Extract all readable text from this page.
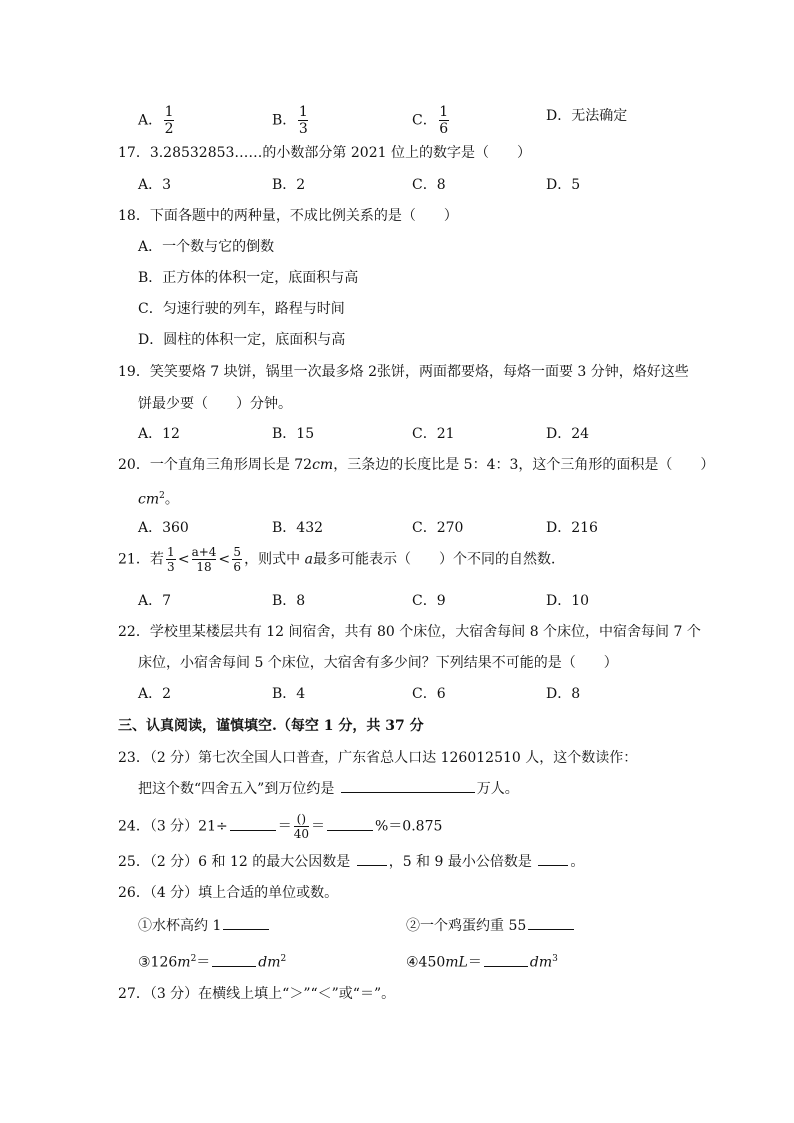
A． $\frac{1}{2}$	B． $\frac{1}{3}$	C． $\frac{1}{6}$	D．无法确定
17．3.28532853……的小数部分第 2021 位上的数字是（　　）
A．3	B．2	C．8	D．5
18．下面各题中的两种量，不成比例关系的是（　　）
A．一个数与它的倒数
B．正方体的体积一定，底面积与高
C．匀速行驶的列车，路程与时间
D．圆柱的体积一定，底面积与高
19．笑笑要烙 7 块饼，锅里一次最多烙 2张饼，两面都要烙，每烙一面要 3 分钟，烙好这些
饼最少要（　　）分钟。
A．12	B．15	C．21	D．24
20．一个直角三角形周长是 72cm，三条边的长度比是 5：4：3，这个三角形的面积是（　　）
$cm^2$。
A．360	B．432	C．270	D．216
21．若 $\frac{1}{3} < \frac{a+4}{18} < \frac{5}{6}$ ，则式中 a最多可能表示（　　）个不同的自然数．
A．7	B．8	C．9	D．10
22．学校里某楼层共有 12 间宿舍，共有 80 个床位，大宿舍每间 8 个床位，中宿舍每间 7 个
床位，小宿舍每间 5 个床位，大宿舍有多少间？下列结果不可能的是（　　）
A．2	B．4	C．6	D．8
三、认真阅读，谨慎填空.（每空 1 分，共 37 分
23．（2 分）第七次全国人口普查，广东省总人口达 126012510 人，这个数读作：
把这个数“四舍五入”到万位约是	万人。
24．（3 分）21÷	＝ $\frac{()}{40}$ ＝	%＝0.875
25．（2 分）6 和 12 的最大公因数是	，5 和 9 最小公倍数是	。
26．（4 分）填上合适的单位或数。
①水杯高约 1	②一个鸡蛋约重 55
$③126m^2=$	$dm^2$	④450mL＝	$dm^3$
27．（3 分）在横线上填上“＞”“＜”或“＝”。
